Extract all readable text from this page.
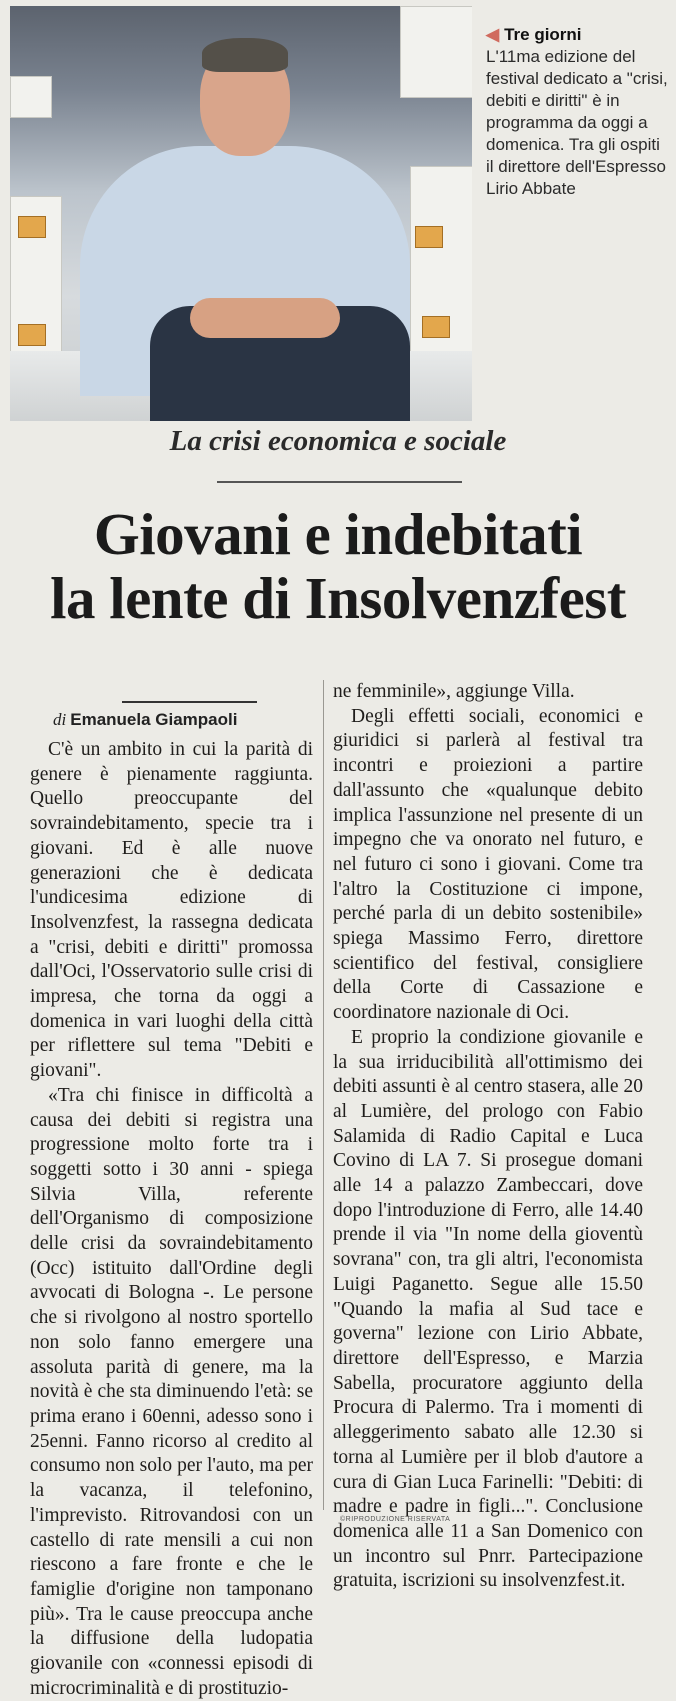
◀ Tre giorni
L'11ma edizione del festival dedicato a "crisi, debiti e diritti" è in programma da oggi a domenica. Tra gli ospiti il direttore dell'Espresso Lirio Abbate
La crisi economica e sociale
Giovani e indebitati
la lente di Insolvenzfest
di Emanuela Giampaoli

C'è un ambito in cui la parità di genere è pienamente raggiunta. Quello preoccupante del sovraindebitamento, specie tra i giovani. Ed è alle nuove generazioni che è dedicata l'undicesima edizione di Insolvenzfest, la rassegna dedicata a "crisi, debiti e diritti" promossa dall'Oci, l'Osservatorio sulle crisi di impresa, che torna da oggi a domenica in vari luoghi della città per riflettere sul tema "Debiti e giovani".

«Tra chi finisce in difficoltà a causa dei debiti si registra una progressione molto forte tra i soggetti sotto i 30 anni - spiega Silvia Villa, referente dell'Organismo di composizione delle crisi da sovraindebitamento (Occ) istituito dall'Ordine degli avvocati di Bologna -. Le persone che si rivolgono al nostro sportello non solo fanno emergere una assoluta parità di genere, ma la novità è che sta diminuendo l'età: se prima erano i 60enni, adesso sono i 25enni. Fanno ricorso al credito al consumo non solo per l'auto, ma per la vacanza, il telefonino, l'imprevisto. Ritrovandosi con un castello di rate mensili a cui non riescono a fare fronte e che le famiglie d'origine non tamponano più». Tra le cause preoccupa anche la diffusione della ludopatia giovanile con «connessi episodi di microcriminalità e di prostituzio-

ne femminile», aggiunge Villa.

Degli effetti sociali, economici e giuridici si parlerà al festival tra incontri e proiezioni a partire dall'assunto che «qualunque debito implica l'assunzione nel presente di un impegno che va onorato nel futuro, e nel futuro ci sono i giovani. Come tra l'altro la Costituzione ci impone, perché parla di un debito sostenibile» spiega Massimo Ferro, direttore scientifico del festival, consigliere della Corte di Cassazione e coordinatore nazionale di Oci.

E proprio la condizione giovanile e la sua irriducibilità all'ottimismo dei debiti assunti è al centro stasera, alle 20 al Lumière, del prologo con Fabio Salamida di Radio Capital e Luca Covino di LA 7. Si prosegue domani alle 14 a palazzo Zambeccari, dove dopo l'introduzione di Ferro, alle 14.40 prende il via "In nome della gioventù sovrana" con, tra gli altri, l'economista Luigi Paganetto. Segue alle 15.50 "Quando la mafia al Sud tace e governa" lezione con Lirio Abbate, direttore dell'Espresso, e Marzia Sabella, procuratore aggiunto della Procura di Palermo. Tra i momenti di alleggerimento sabato alle 12.30 si torna al Lumière per il blob d'autore a cura di Gian Luca Farinelli: "Debiti: di madre e padre in figli...". Conclusione domenica alle 11 a San Domenico con un incontro sul Pnrr. Partecipazione gratuita, iscrizioni su insolvenzfest.it.

©RIPRODUZIONE RISERVATA
